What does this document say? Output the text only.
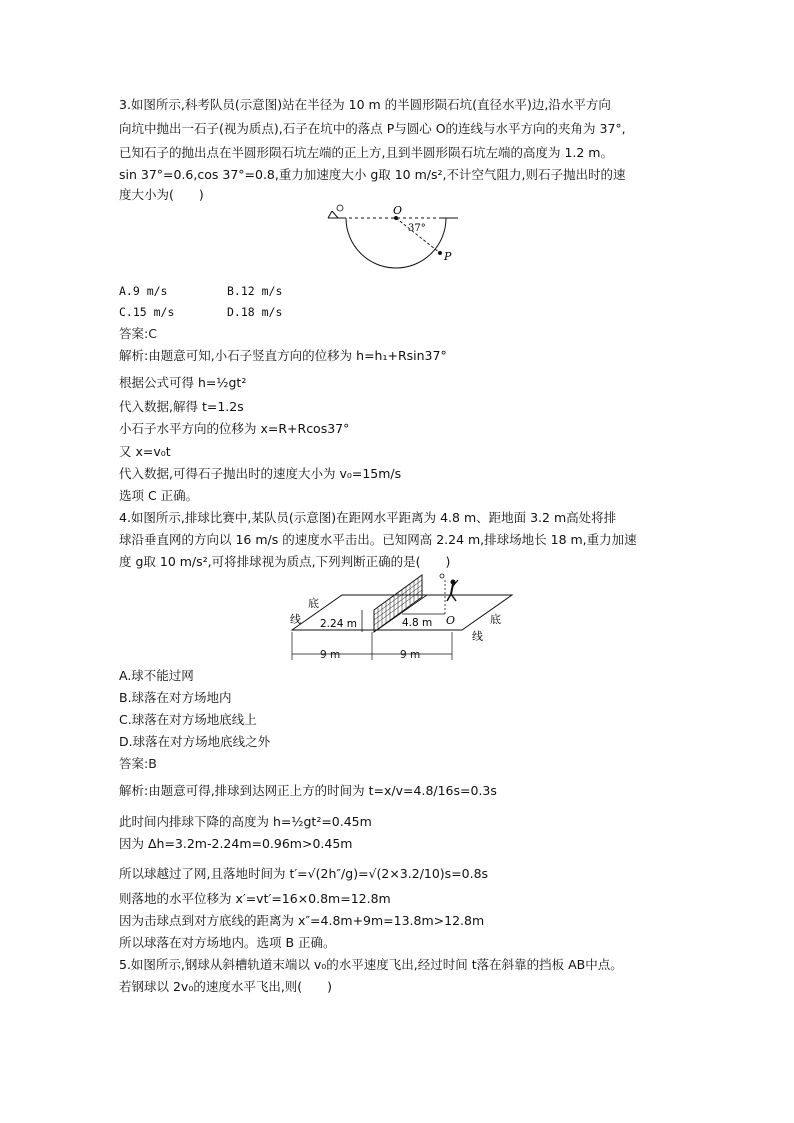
3.如图所示,科考队员(示意图)站在半径为 10 m 的半圆形陨石坑(直径水平)边,沿水平方向
向坑中抛出一石子(视为质点),石子在坑中的落点 P与圆心 O的连线与水平方向的夹角为 37°,
已知石子的抛出点在半圆形陨石坑左端的正上方,且到半圆形陨石坑左端的高度为 1.2 m。
sin 37°=0.6,cos 37°=0.8,重力加速度大小 g取 10 m/s²,不计空气阻力,则石子抛出时的速
度大小为(　　)
O
P
37°
A.9 m/s	B.12 m/s
C.15 m/s	D.18 m/s
答案:C
解析:由题意可知,小石子竖直方向的位移为 h=h₁+Rsin37°
根据公式可得 h=½gt²
代入数据,解得 t=1.2s
小石子水平方向的位移为 x=R+Rcos37°
又 x=v₀t
代入数据,可得石子抛出时的速度大小为 v₀=15m/s
选项 C 正确。
4.如图所示,排球比赛中,某队员(示意图)在距网水平距离为 4.8 m、距地面 3.2 m高处将排
球沿垂直网的方向以 16 m/s 的速度水平击出。已知网高 2.24 m,排球场地长 18 m,重力加速
度 g取 10 m/s²,可将排球视为质点,下列判断正确的是(　　)
2.24 m	4.8 m O
底
线	底
线
9 m	9 m
A.球不能过网
B.球落在对方场地内
C.球落在对方场地底线上
D.球落在对方场地底线之外
答案:B
解析:由题意可得,排球到达网正上方的时间为 t=x/v=4.8/16s=0.3s
此时间内排球下降的高度为 h=½gt²=0.45m
因为 Δh=3.2m-2.24m=0.96m>0.45m
所以球越过了网,且落地时间为 t′=√(2h″/g)=√(2×3.2/10)s=0.8s
则落地的水平位移为 x′=vt′=16×0.8m=12.8m
因为击球点到对方底线的距离为 x″=4.8m+9m=13.8m>12.8m
所以球落在对方场地内。选项 B 正确。
5.如图所示,钢球从斜槽轨道末端以 v₀的水平速度飞出,经过时间 t落在斜靠的挡板 AB中点。
若钢球以 2v₀的速度水平飞出,则(　　)
